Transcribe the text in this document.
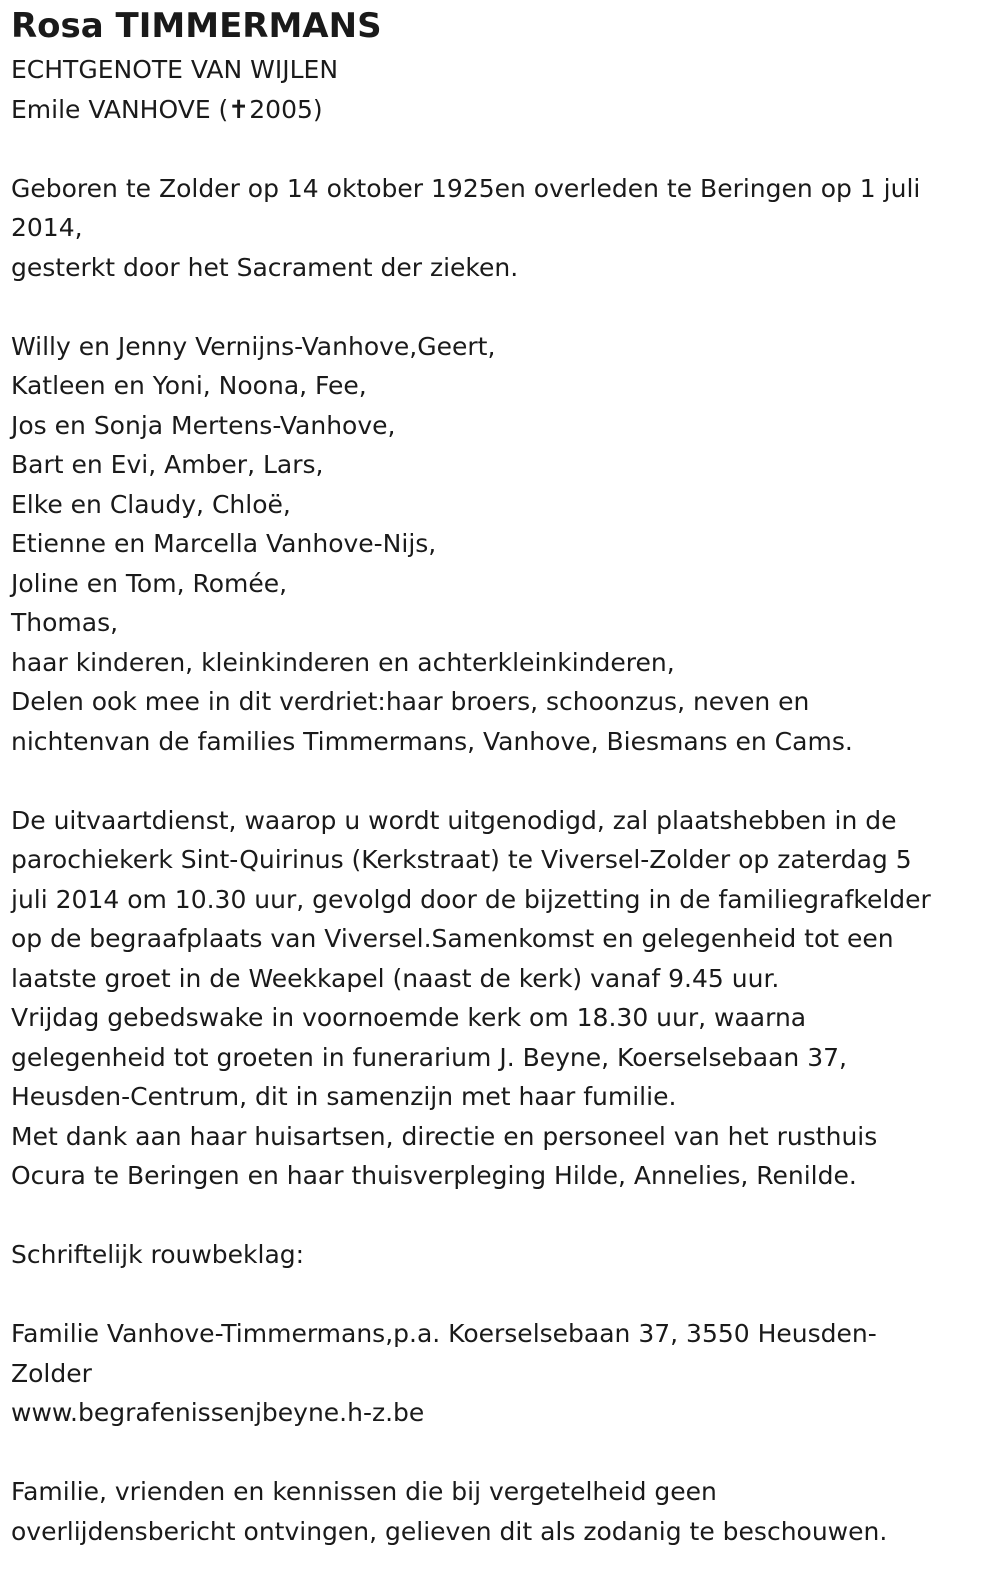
Rosa TIMMERMANS

ECHTGENOTE VAN WIJLEN

Emile VANHOVE (✝2005)

Geboren te Zolder op 14 oktober 1925en overleden te Beringen op 1 juli

2014,

gesterkt door het Sacrament der zieken.

Willy en Jenny Vernijns-Vanhove,Geert,

Katleen en Yoni, Noona, Fee,

Jos en Sonja Mertens-Vanhove,

Bart en Evi, Amber, Lars,

Elke en Claudy, Chloë,

Etienne en Marcella Vanhove-Nijs,

Joline en Tom, Romée,

Thomas,

haar kinderen, kleinkinderen en achterkleinkinderen,

Delen ook mee in dit verdriet:haar broers, schoonzus, neven en

nichtenvan de families Timmermans, Vanhove, Biesmans en Cams.

De uitvaartdienst, waarop u wordt uitgenodigd, zal plaatshebben in de

parochiekerk Sint-Quirinus (Kerkstraat) te Viversel-Zolder op zaterdag 5

juli 2014 om 10.30 uur, gevolgd door de bijzetting in de familiegrafkelder

op de begraafplaats van Viversel.Samenkomst en gelegenheid tot een

laatste groet in de Weekkapel (naast de kerk) vanaf 9.45 uur.

Vrijdag gebedswake in voornoemde kerk om 18.30 uur, waarna

gelegenheid tot groeten in funerarium J. Beyne, Koerselsebaan 37,

Heusden-Centrum, dit in samenzijn met haar fumilie.

Met dank aan haar huisartsen, directie en personeel van het rusthuis

Ocura te Beringen en haar thuisverpleging Hilde, Annelies, Renilde.

Schriftelijk rouwbeklag:

Familie Vanhove-Timmermans,p.a. Koerselsebaan 37, 3550 Heusden-

Zolder

www.begrafenissenjbeyne.h-z.be

Familie, vrienden en kennissen die bij vergetelheid geen

overlijdensbericht ontvingen, gelieven dit als zodanig te beschouwen.
